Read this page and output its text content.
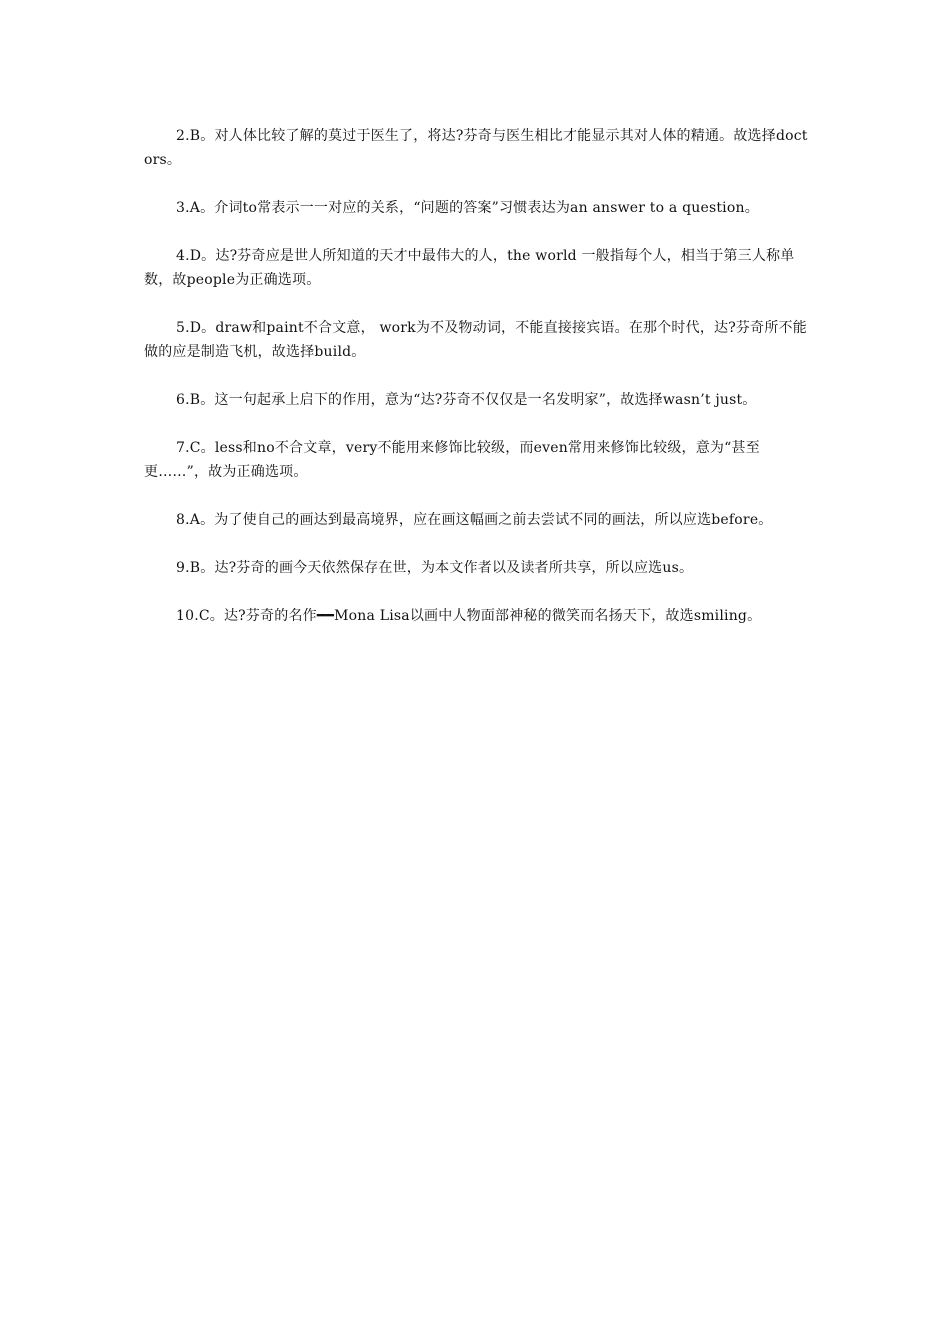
2.B。对人体比较了解的莫过于医生了，将达?芬奇与医生相比才能显示其对人体的精通。故选择doctors。

3.A。介词to常表示一一对应的关系，“问题的答案”习惯表达为an answer to a question。

4.D。达?芬奇应是世人所知道的天才中最伟大的人，the world 一般指每个人，相当于第三人称单数，故people为正确选项。

5.D。draw和paint不合文意， work为不及物动词，不能直接接宾语。在那个时代，达?芬奇所不能做的应是制造飞机，故选择build。

6.B。这一句起承上启下的作用，意为“达?芬奇不仅仅是一名发明家”，故选择wasn’t just。

7.C。less和no不合文章，very不能用来修饰比较级，而even常用来修饰比较级，意为“甚至更……”，故为正确选项。

8.A。为了使自己的画达到最高境界，应在画这幅画之前去尝试不同的画法，所以应选before。

9.B。达?芬奇的画今天依然保存在世，为本文作者以及读者所共享，所以应选us。

10.C。达?芬奇的名作━━Mona Lisa以画中人物面部神秘的微笑而名扬天下，故选smiling。
